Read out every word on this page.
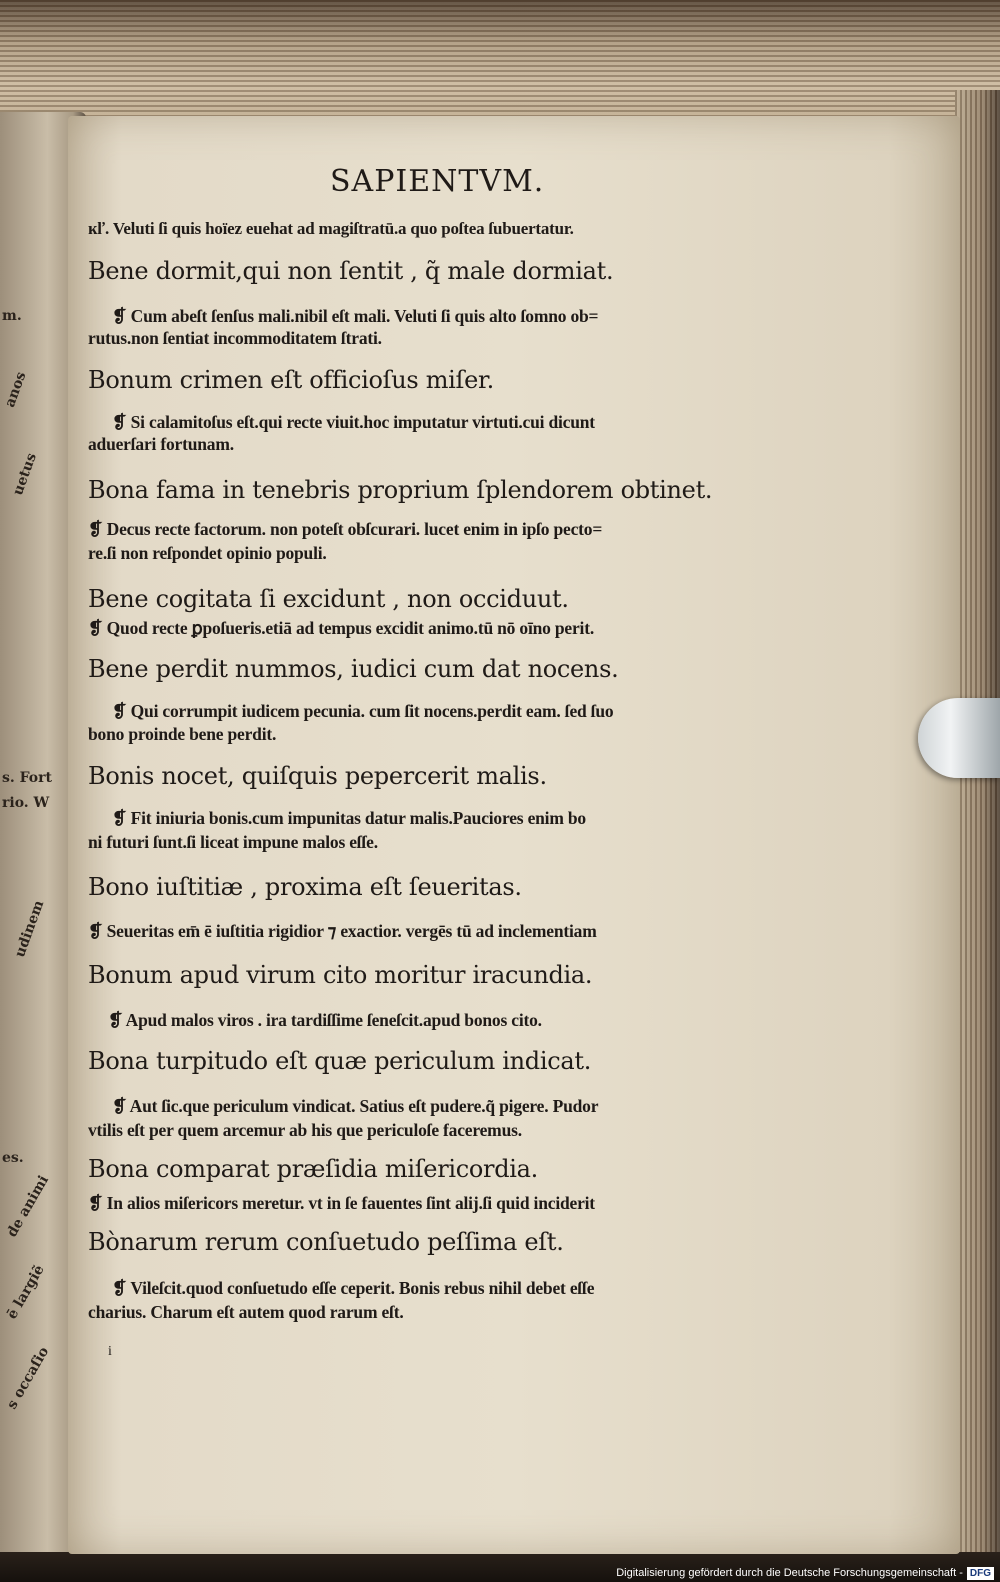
m.
anos
uetus
s. Fort
rio. W
udinem
es.
de animi
ē largiẽ
s occaſio
SAPIENTVM.
ĸľ. Veluti ſi quis hoïez euehat ad magiſtratū.a quo poſtea ſubuertatur.
Bene dormit,qui non ſentit , q̃ male dormiat.
❡ Cum abeſt ſenſus mali.nibil eſt mali. Veluti ſi quis alto ſomno ob=
rutus.non ſentiat incommoditatem ſtrati.
Bonum crimen eſt officioſus miſer.
❡ Si calamitoſus eſt.qui recte viuit.hoc imputatur virtuti.cui dicunt
aduerſari fortunam.
Bona fama in tenebris proprium ſplendorem obtinet.
❡ Decus recte factorum. non poteſt obſcurari. lucet enim in ipſo pecto=
re.ſi non reſpondet opinio populi.
Bene cogitata ſi excidunt , non occiduut.
❡ Quod recte ꝑpoſueris.etiā ad tempus excidit animo.tū nō oīno perit.
Bene perdit nummos, iudici cum dat nocens.
❡ Qui corrumpit iudicem pecunia. cum ſit nocens.perdit eam. ſed ſuo
bono proinde bene perdit.
Bonis nocet, quiſquis pepercerit malis.
❡ Fit iniuria bonis.cum impunitas datur malis.Pauciores enim bo
ni futuri ſunt.ſi liceat impune malos eſſe.
Bono iuſtitiæ , proxima eſt ſeueritas.
❡ Seueritas em̄ ē iuſtitia rigidior ⁊ exactior. vergēs tū ad inclementiam
Bonum apud virum cito moritur iracundia.
❡ Apud malos viros . ira tardiſſime ſeneſcit.apud bonos cito.
Bona turpitudo eſt quæ periculum indicat.
❡ Aut ſic.que periculum vindicat. Satius eſt pudere.q̃ pigere. Pudor
vtilis eſt per quem arcemur ab his que periculoſe faceremus.
Bona comparat præſidia miſericordia.
❡ In alios miſericors meretur. vt in ſe fauentes ſint alij.ſi quid inciderit
Bònarum rerum conſuetudo peſſima eſt.
❡ Vileſcit.quod conſuetudo eſſe ceperit. Bonis rebus nihil debet eſſe
charius. Charum eſt autem quod rarum eſt.
i
Digitalisierung gefördert durch die Deutsche Forschungsgemeinschaft - DFG
